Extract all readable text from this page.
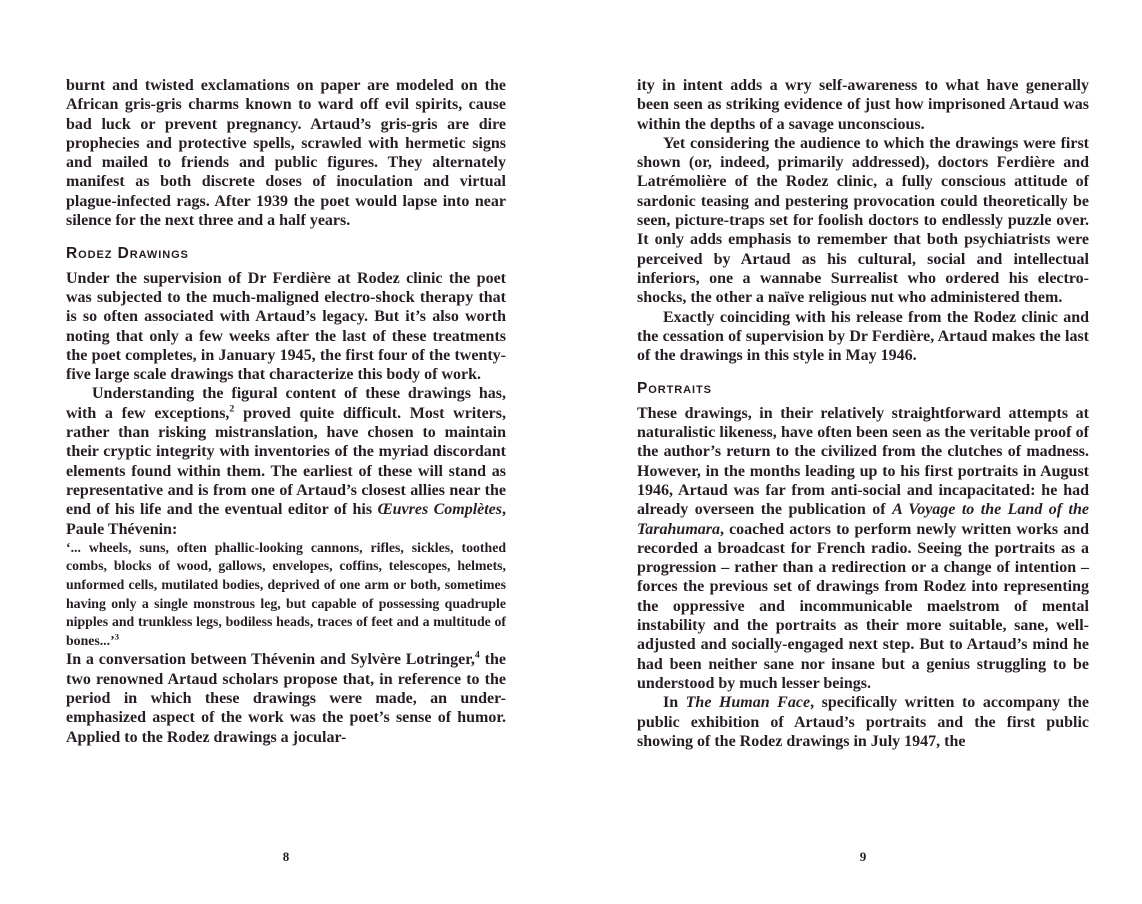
burnt and twisted exclamations on paper are modeled on the African gris-gris charms known to ward off evil spirits, cause bad luck or prevent pregnancy. Artaud’s gris-gris are dire prophecies and protective spells, scrawled with hermetic signs and mailed to friends and public figures. They alternately manifest as both discrete doses of inoculation and virtual plague-infected rags. After 1939 the poet would lapse into near silence for the next three and a half years.

Rodez Drawings

Under the supervision of Dr Ferdière at Rodez clinic the poet was subjected to the much-maligned electro-shock therapy that is so often associated with Artaud’s legacy. But it’s also worth noting that only a few weeks after the last of these treatments the poet completes, in January 1945, the first four of the twenty-five large scale drawings that characterize this body of work.

Understanding the figural content of these drawings has, with a few exceptions,$^2$ proved quite difficult. Most writers, rather than risking mistranslation, have chosen to maintain their cryptic integrity with inventories of the myriad discordant elements found within them. The earliest of these will stand as representative and is from one of Artaud’s closest allies near the end of his life and the eventual editor of his Œuvres Complètes, Paule Thévenin:

‘... wheels, suns, often phallic-looking cannons, rifles, sickles, toothed combs, blocks of wood, gallows, envelopes, coffins, telescopes, helmets, unformed cells, mutilated bodies, deprived of one arm or both, sometimes having only a single monstrous leg, but capable of possessing quadruple nipples and trunkless legs, bodiless heads, traces of feet and a multitude of bones...’$^3$

In a conversation between Thévenin and Sylvère Lotringer,$^4$ the two renowned Artaud scholars propose that, in reference to the period in which these drawings were made, an under-emphasized aspect of the work was the poet’s sense of humor. Applied to the Rodez drawings a jocular-

8

ity in intent adds a wry self-awareness to what have generally been seen as striking evidence of just how imprisoned Artaud was within the depths of a savage unconscious.

Yet considering the audience to which the drawings were first shown (or, indeed, primarily addressed), doctors Ferdière and Latrémolière of the Rodez clinic, a fully conscious attitude of sardonic teasing and pestering provocation could theoretically be seen, picture-traps set for foolish doctors to endlessly puzzle over. It only adds emphasis to remember that both psychiatrists were perceived by Artaud as his cultural, social and intellectual inferiors, one a wannabe Surrealist who ordered his electro-shocks, the other a naïve religious nut who administered them.

Exactly coinciding with his release from the Rodez clinic and the cessation of supervision by Dr Ferdière, Artaud makes the last of the drawings in this style in May 1946.

Portraits

These drawings, in their relatively straightforward attempts at naturalistic likeness, have often been seen as the veritable proof of the author’s return to the civilized from the clutches of madness. However, in the months leading up to his first portraits in August 1946, Artaud was far from anti-social and incapacitated: he had already overseen the publication of A Voyage to the Land of the Tarahumara, coached actors to perform newly written works and recorded a broadcast for French radio. Seeing the portraits as a progression – rather than a redirection or a change of intention – forces the previous set of drawings from Rodez into representing the oppressive and incommunicable maelstrom of mental instability and the portraits as their more suitable, sane, well-adjusted and socially-engaged next step. But to Artaud’s mind he had been neither sane nor insane but a genius struggling to be understood by much lesser beings.

In The Human Face, specifically written to accompany the public exhibition of Artaud’s portraits and the first public showing of the Rodez drawings in July 1947, the

9
